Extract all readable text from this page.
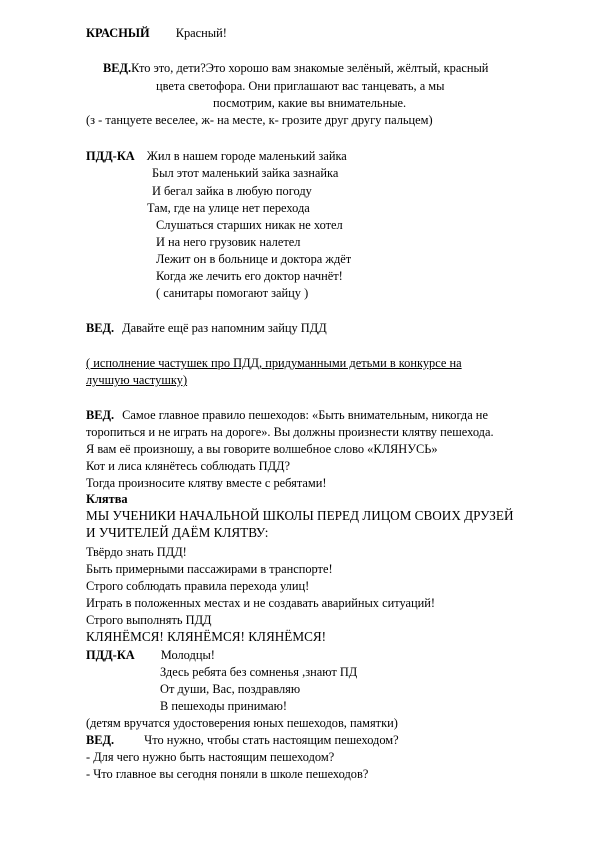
КРАСНЫЙ Красный!
ВЕД.Кто это, дети?Это хорошо вам знакомые зелёный, жёлтый, красный
цвета светофора. Они приглашают вас танцевать, а мы
посмотрим, какие вы внимательные.
(з - танцуете веселее, ж- на месте, к- грозите друг другу пальцем)
ПДД-КА Жил в нашем городе маленький зайка
Был этот маленький зайка зазнайка
И бегал зайка в любую погоду
Там, где на улице нет перехода
Слушаться старших никак не хотел
И на него грузовик налетел
Лежит он в больнице и доктора ждёт
Когда же лечить его доктор начнёт!
( санитары помогают зайцу )
ВЕД. Давайте ещё раз напомним зайцу ПДД
( исполнение частушек про ПДД, придуманными детьми в конкурсе на
лучшую частушку)
ВЕД. Самое главное правило пешеходов: «Быть внимательным, никогда не
торопиться и не играть на дороге». Вы должны произнести клятву пешехода.
Я вам её произношу, а вы говорите волшебное слово «КЛЯНУСЬ»
Кот и лиса клянётесь соблюдать ПДД?
Тогда произносите клятву вместе с ребятами!
Клятва
МЫ УЧЕНИКИ НАЧАЛЬНОЙ ШКОЛЫ ПЕРЕД ЛИЦОМ СВОИХ ДРУЗЕЙ
И УЧИТЕЛЕЙ ДАЁМ КЛЯТВУ:
Твёрдо знать ПДД!
Быть примерными пассажирами в транспорте!
Строго соблюдать правила перехода улиц!
Играть в положенных местах и не создавать аварийных ситуаций!
Строго выполнять ПДД
КЛЯНЁМСЯ! КЛЯНЁМСЯ! КЛЯНЁМСЯ!
ПДД-КА Молодцы!
Здесь ребята без сомненья ,знают ПД
От души, Вас, поздравляю
В пешеходы принимаю!
(детям вручатся удостоверения юных пешеходов, памятки)
ВЕД. Что нужно, чтобы стать настоящим пешеходом?
- Для чего нужно быть настоящим пешеходом?
- Что главное вы сегодня поняли в школе пешеходов?
